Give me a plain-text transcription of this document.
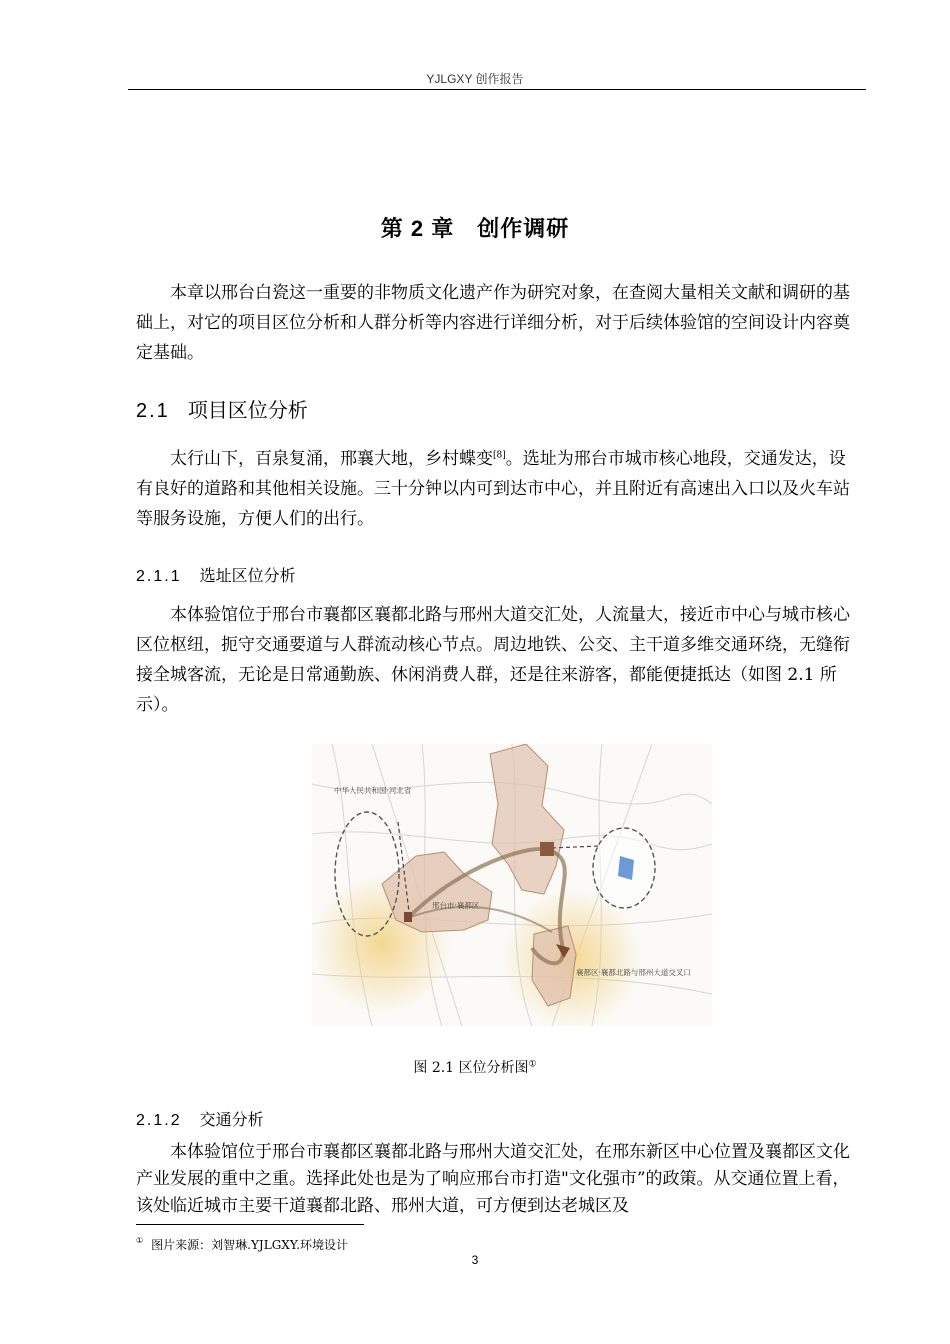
YJLGXY 创作报告
第 2 章　创作调研

本章以邢台白瓷这一重要的非物质文化遗产作为研究对象，在查阅大量相关文献和调研的基础上，对它的项目区位分析和人群分析等内容进行详细分析，对于后续体验馆的空间设计内容奠定基础。

2.1 项目区位分析

太行山下，百泉复涌，邢襄大地，乡村蝶变[8]。选址为邢台市城市核心地段，交通发达，设有良好的道路和其他相关设施。三十分钟以内可到达市中心，并且附近有高速出入口以及火车站等服务设施，方便人们的出行。

2.1.1 选址区位分析

本体验馆位于邢台市襄都区襄都北路与邢州大道交汇处，人流量大，接近市中心与城市核心区位枢纽，扼守交通要道与人群流动核心节点。周边地铁、公交、主干道多维交通环绕，无缝衔接全城客流，无论是日常通勤族、休闲消费人群，还是往来游客，都能便捷抵达（如图 2.1 所示）。

中华人民共和国·河北省
邢台市·襄都区
襄都区·襄都北路与邢州大道交叉口
图 2.1 区位分析图①
2.1.2 交通分析

本体验馆位于邢台市襄都区襄都北路与邢州大道交汇处，在邢东新区中心位置及襄都区文化产业发展的重中之重。选择此处也是为了响应邢台市打造"文化强市”的政策。从交通位置上看，该处临近城市主要干道襄都北路、邢州大道，可方便到达老城区及

① 图片来源：刘智琳.YJLGXY.环境设计
3
